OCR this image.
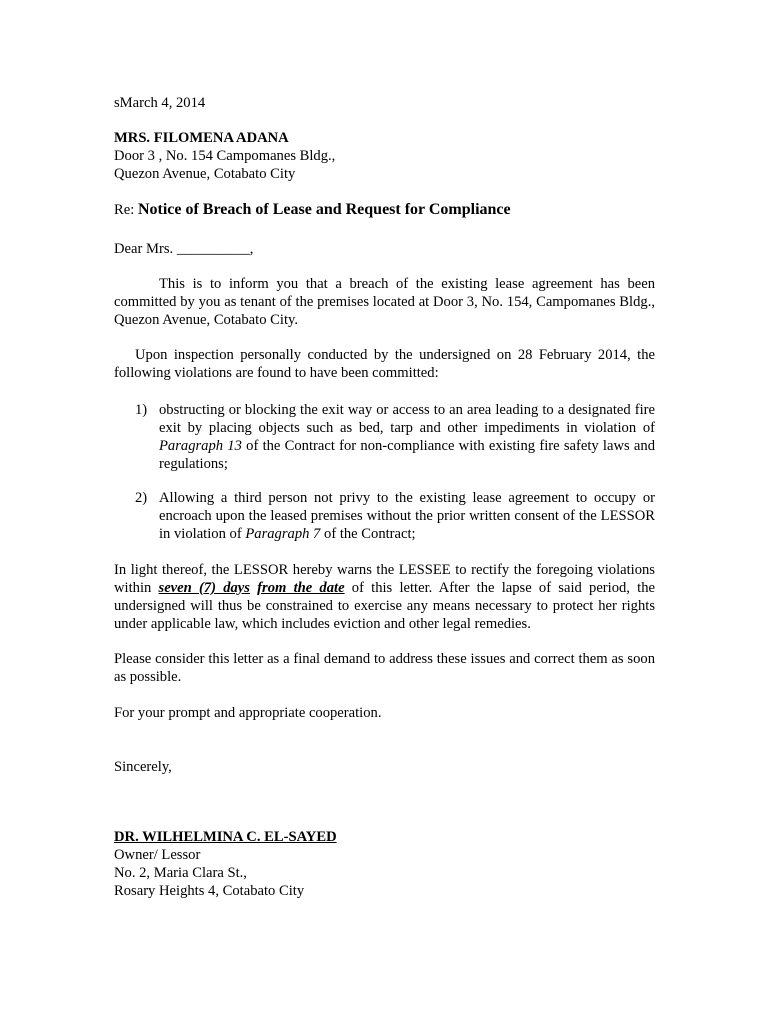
sMarch 4, 2014
MRS. FILOMENA ADANA
Door 3 , No. 154 Campomanes Bldg.,
Quezon Avenue, Cotabato City
Re: Notice of Breach of Lease and Request for Compliance
Dear Mrs. __________,
This is to inform you that a breach of the existing lease agreement has been committed by you as tenant of the premises located at Door 3, No. 154, Campomanes Bldg., Quezon Avenue, Cotabato City.
Upon inspection personally conducted by the undersigned on 28 February 2014, the following violations are found to have been committed:
1) obstructing or blocking the exit way or access to an area leading to a designated fire exit by placing objects such as bed, tarp and other impediments in violation of Paragraph 13 of the Contract for non-compliance with existing fire safety laws and regulations;
2) Allowing a third person not privy to the existing lease agreement to occupy or encroach upon the leased premises without the prior written consent of the LESSOR in violation of Paragraph 7 of the Contract;
In light thereof, the LESSOR hereby warns the LESSEE to rectify the foregoing violations within seven (7) days from the date of this letter. After the lapse of said period, the undersigned will thus be constrained to exercise any means necessary to protect her rights under applicable law, which includes eviction and other legal remedies.
Please consider this letter as a final demand to address these issues and correct them as soon as possible.
For your prompt and appropriate cooperation.
Sincerely,
DR. WILHELMINA C. EL-SAYED
Owner/ Lessor
No. 2, Maria Clara St.,
Rosary Heights 4, Cotabato City
